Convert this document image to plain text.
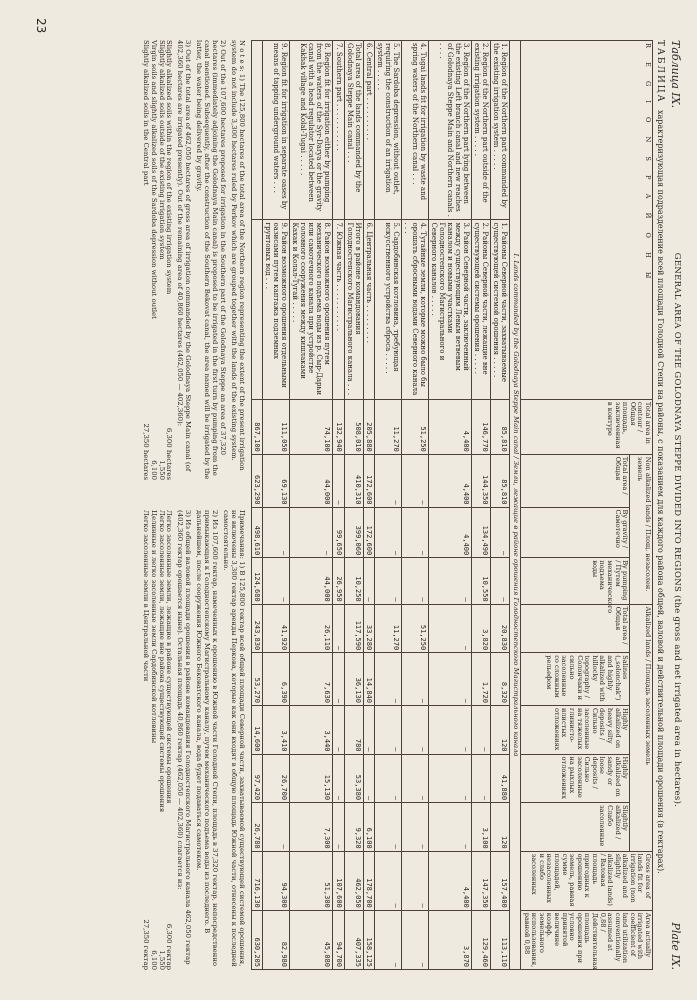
Таблица IX.
GENERAL AREA OF THE GOLODNAYA STEPPE DIVIDED INTO REGIONS (the gross and net irrigated area in hectares).
Plate IX.
ТАБЛИЦА
характеризующая подразделение всей площади Голодной Степи на районы, с показанием для каждого района общей, валовой и действительной площади орошения (в гектарах).
R E G I O N S Р А Й О Н Ы		Total area in contour / Общая площадь, заключенная в контуре	Non alkalized lands / Площ. незасолен. земель			Alkalized lands / Площадь засоленных земель					Gross area of lands fit for irrigation (non alkalized and slightly alkalized lands) / Валовая площадь пригодных к орошению земель, равная сумме площадей, незасоленных и слабо засоленных	Area actually irrigated with coefficient of land utilization conventionally assumed at 0,88 / Действительная площадь орошения при условно принятой величине коэфф. земельного использования, равной 0,88
			Total area / Общая	By gravity / Самотечно	By pumping / Путем механического подъема воды	Total area / Общая	Salines („solonchak") and highly alkalized with hillocky topography / Солончаки и сильно засоленные со сложным рельефом	Highly alkalized on heavy silty deposits / Сильно засоленные на тяжелых глинисто-илистых отложениях	Highly alkalized on sandy or loose deposits / Сильно засоленные на рыхлых отложениях	Slightly alkalized / Слабо засоленные		
I. Lands commanded by the Golodnaya Steppe Main canal / Земли, лежащие в районе орошения Голодностепского Магистрального канала												
1. Region of the Northern part commanded by the existing irrigation system . . . . .	1. Районы Северной части, захватываемые существующей системой орошения . . . . .	85,810	85,810	—	—	20,830	8,320	120	41,880	120	157,400	113,110
2. Region of the Northern part outside of the existing irrigation system . . . . .	2. Районы Северной части, лежащие вне существующей системы орошения . . . . .	146,770	144,350	134,490	10,550	3,820	1,720	—	—	3,100	147,350	129,460
3. Region of the Northern part lying between the existing Left branch canal and new reaches of Golodnaya Steppe Main and Northern canals . . . . .	3. Район Северной части, заключенный между существующим Левым ветвевым каналом и новыми участками Голодностепского Магистрального и Северного каналов . . . . .	4,400	4,400	4,400	—	—	—	—	—	—	4,400	3,870
4. Tugai lands fit for irrigation by waste and spring waters of the Northern canal . . .	4. Тугайные земли, которые можно было бы орошать сбросными водами Северного канала . . .	51,250	—	—	—	51,250	—	—	—	—	—	—
5. The Sardoba depression, without outlet, requiring the construction of an irrigation system . . . . .	5. Сардобинская котловина, требующая искусственного устройства сброса . . . . .	11,270	—	—	—	11,270	—	—	—	—	—	—
6. Central part . . . . . . . . . .	6. Центральная часть . . . . . . . . .	205,880	172,600	172,600	—	33,280	14,840	—	—	6,100	178,700	158,125
Total area of the lands commanded by the Golodnaya Steppe Main canal . . .	Итого в районе командования Голодностепского Магистрального канала . . .	508,010	410,310	399,060	10,250	117,590	36,130	780	53,380	9,320	462,050	407,335
7. Southern part . . . . . . . . . . .	7. Южная часть . . . . . . . . . . .	132,940	—	99,650	26,950	—	—	—	—	—	107,600	94,700
8. Region fit for irrigation either by pumping from the waters of the Syr-Darya or the gravity canal with a head regulator located between Kakhak village and Kolal-Tugai . . . . .	8. Район возможного орошения путем механического подъема воды из р. Сыр-Дарьи или самотечного канала при устройстве головного сооружения между кишлаками Кахак и Колал-Тугай . . . . .	74,100	44,000	—	44,000	26,110	7,630	3,440	15,130	7,300	51,300	45,080
9. Region fit for irrigation in separate oases by means of tapping underground waters . . .	9. Район возможного орошения отдельными оазисами путем каптажа подземных грунтовых вод . . .	111,050	69,130	—	—	41,920	6,390	3,410	26,700	—	94,300	82,980
		867,100	623,290	498,610	124,680	243,830	53,270	14,600	97,420	26,780	716,130	630,205

N o t e s: 1) The 125,800 hectares of the total area of the Northern region representing the extent of the present irrigation system do not include 3,300 hectares ruled by Perkov which are grouped together with the lands of the existing system.

2) Out of the 107,600 hectares proposed for irrigation in the Southern part of the Golodnaya Steppe an area of 37,320 hectares (immediately adjoining the Golodnaya Main canal) is proposed to be irrigated in the first turn by pumping from the canal mentioned. Subsequently, after the construction of the Southern Bekovat canal, the area named will be irrigated by the latter, the water being delivered by gravity.

3) Out of the total area of 462,050 hectares of gross area of irrigation commanded by the Golodnaya Steppe Main canal (of 402,360 hectares are irrigated presently). Out of the remaining area of 40,860 hectares (462,050 — 402,360):

Slightly alkalized soils within the region of the existing irrigation system
6,300 hectares
Slightly alkalized soils outside of the existing irrigation system
1,550
Virgin soils and slightly alkalized soils of the Sardoba depression without outlet
6,100
Slightly alkalized soils in the Central part
27,350 hectares

Примечания: 1) В 125,800 гектар всей общей площади Северной части, захватываемой существующей системой орошения, не включены 3,300 гектар аренды Перкова, которые как они входят в общую площадь Южной части, отнесены к последней самостоятельно.

2) Из 107,600 гектар, намеченных к орошению в Южной части Голодной Степи, площадь в 37,320 гектар, непосредственно примыкающая к Голодностепскому Магистральному каналу, путем механического подъема воды из последнего. В дальнейшем, после сооружения Южного Бековатского канала, вода будет подаваться самотеком.

3) Из общей валовой площади орошения в районе командования Голодностепского Магистрального канала 462,050 гектар (402,360 гектар орошается ныне). Остальная площадь 40,860 гектар (462,050 — 402,360) слагается из:

Легко засоленные земли, лежащие в районе существующей системы орошения
6,300 гектар
Легко засоленные земли, лежащие вне района существующей системы орошения
1,550
Целинные и легко засоленные земли Сардобинской котловины
6,100
Легко засоленные земли в Центральной части
27,350 гектар
23
